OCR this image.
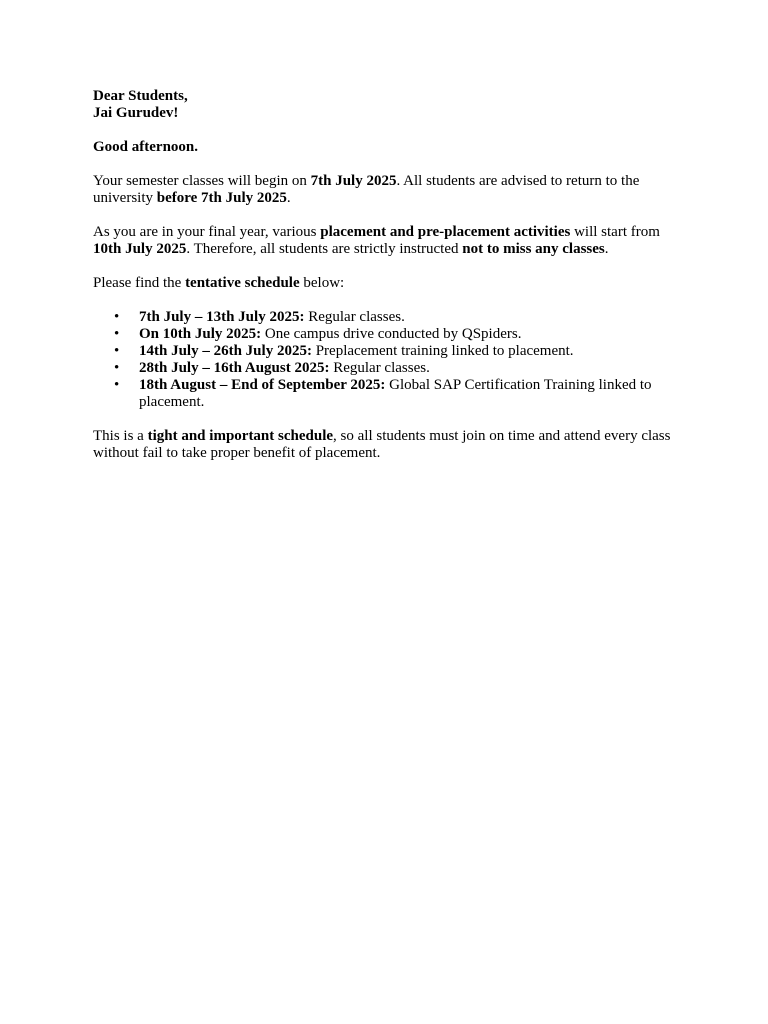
Dear Students,

Jai Gurudev!

Good afternoon.

Your semester classes will begin on 7th July 2025. All students are advised to return to the university before 7th July 2025.

As you are in your final year, various placement and pre-placement activities will start from 10th July 2025. Therefore, all students are strictly instructed not to miss any classes.

Please find the tentative schedule below:

•	7th July – 13th July 2025: Regular classes.
•	On 10th July 2025: One campus drive conducted by QSpiders.
•	14th July – 26th July 2025: Preplacement training linked to placement.
•	28th July – 16th August 2025: Regular classes.
•	18th August – End of September 2025: Global SAP Certification Training linked to placement.

This is a tight and important schedule, so all students must join on time and attend every class without fail to take proper benefit of placement.
